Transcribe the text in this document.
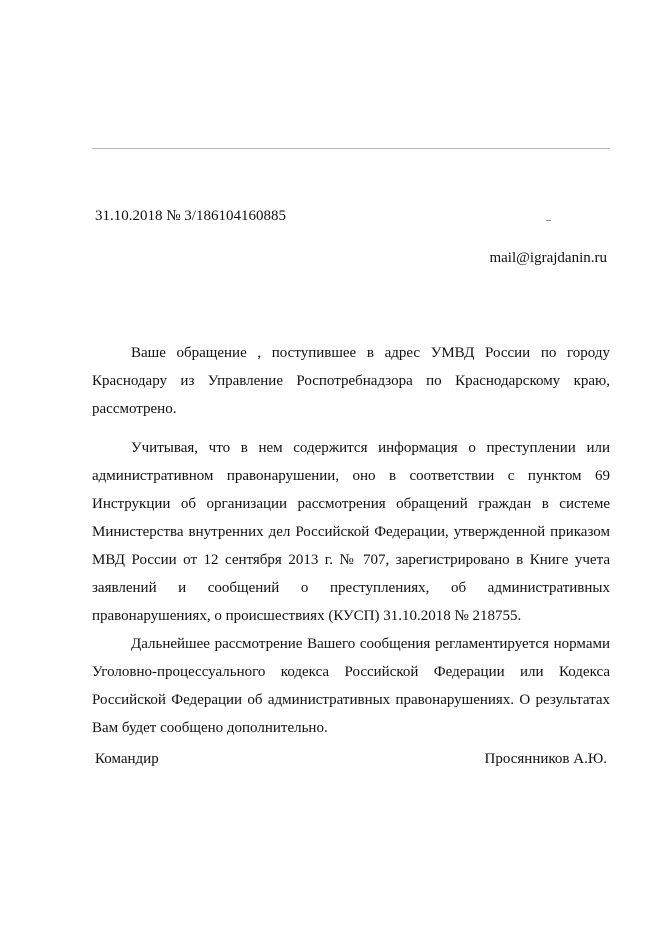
31.10.2018 № 3/186104160885
mail@igrajdanin.ru

Ваше обращение , поступившее в адрес УМВД России по городу Краснодару из Управление Роспотребнадзора по Краснодарскому краю, рассмотрено.

Учитывая, что в нем содержится информация о преступлении или административном правонарушении, оно в соответствии с пунктом 69 Инструкции об организации рассмотрения обращений граждан в системе Министерства внутренних дел Российской Федерации, утвержденной приказом МВД России от 12 сентября 2013 г. № 707, зарегистрировано в Книге учета заявлений и сообщений о преступлениях, об административных правонарушениях, о происшествиях (КУСП) 31.10.2018 № 218755.

Дальнейшее рассмотрение Вашего сообщения регламентируется нормами Уголовно-процессуального кодекса Российской Федерации или Кодекса Российской Федерации об административных правонарушениях. О результатах Вам будет сообщено дополнительно.

Командир	Просянников А.Ю.
